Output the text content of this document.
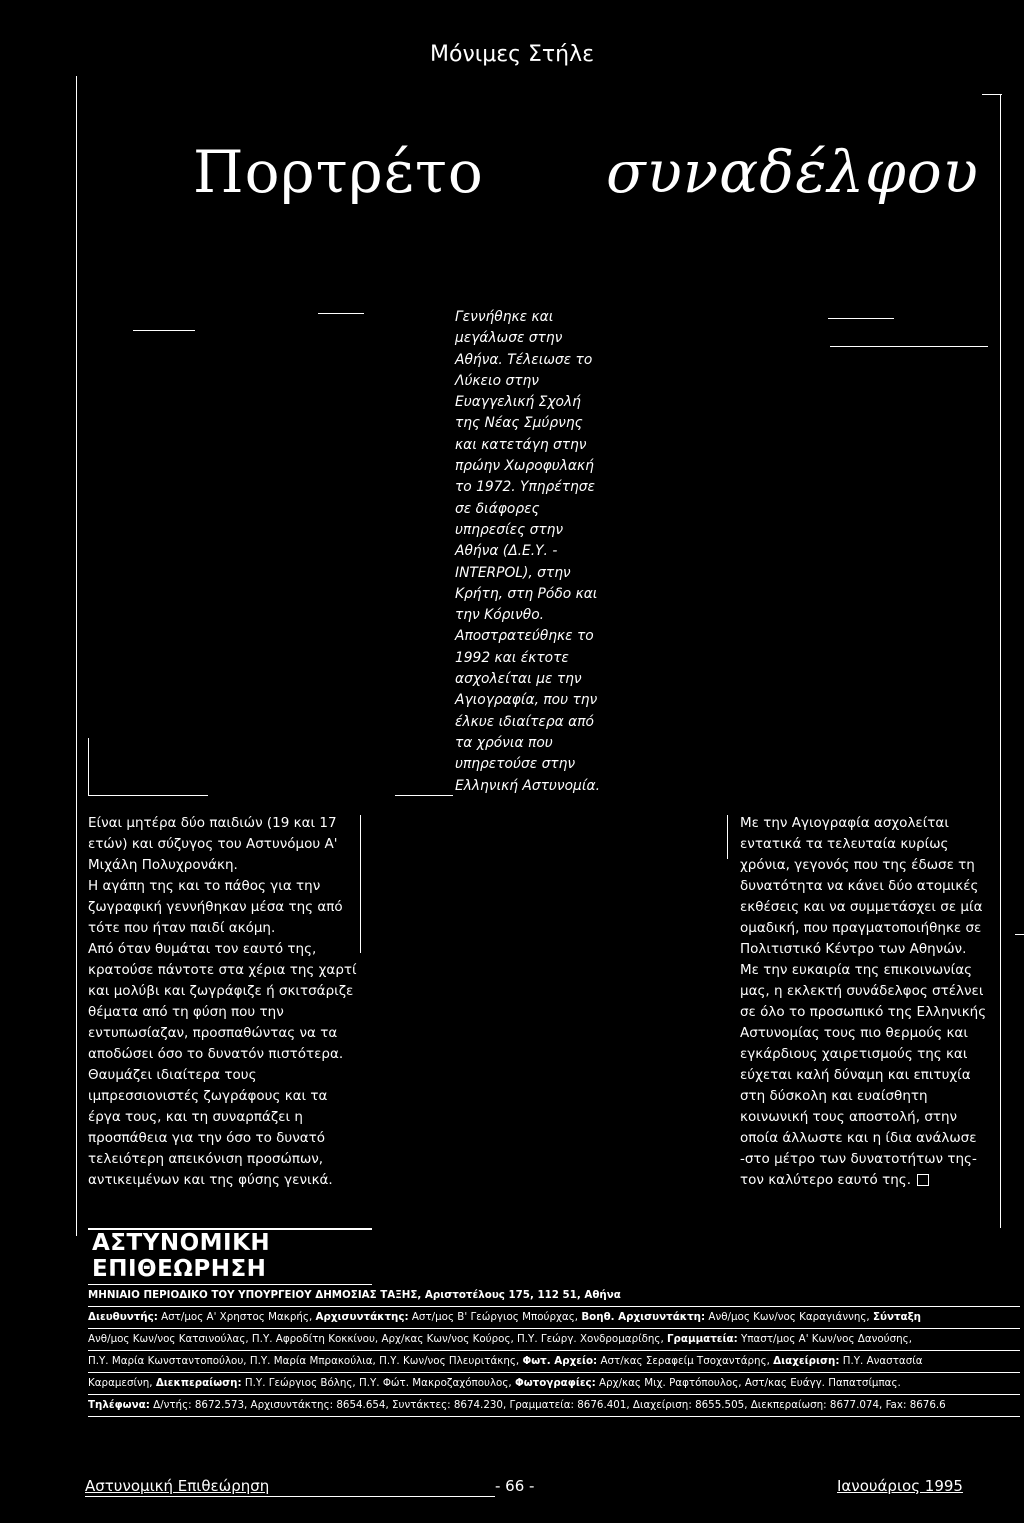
Μόνιμες Στήλε
Πορτρέτο συναδέλφου

Γεννήθηκε και μεγάλωσε στην Αθήνα. Τέλειωσε το Λύκειο στην Ευαγγελική Σχολή της Νέας Σμύρνης και κατετάγη στην πρώην Χωροφυλακή το 1972. Υπηρέτησε σε διάφορες υπηρεσίες στην Αθήνα (Δ.Ε.Υ. - INTERPOL), στην Κρήτη, στη Ρόδο και την Κόρινθο.

Αποστρατεύθηκε το 1992 και έκτοτε ασχολείται με την Αγιογραφία, που την έλκυε ιδιαίτερα από τα χρόνια που υπηρετούσε στην Ελληνική Αστυνομία.

Είναι μητέρα δύο παιδιών (19 και 17 ετών) και σύζυγος του Αστυνόμου Α' Μιχάλη Πολυχρονάκη.

Η αγάπη της και το πάθος για την ζωγραφική γεννήθηκαν μέσα της από τότε που ήταν παιδί ακόμη.

Από όταν θυμάται τον εαυτό της, κρατούσε πάντοτε στα χέρια της χαρτί και μολύβι και ζωγράφιζε ή σκιτσάριζε θέματα από τη φύση που την εντυπωσίαζαν, προσπαθώντας να τα αποδώσει όσο το δυνατόν πιστότερα.

Θαυμάζει ιδιαίτερα τους ιμπρεσσιονιστές ζωγράφους και τα έργα τους, και τη συναρπάζει η προσπάθεια για την όσο το δυνατό τελειότερη απεικόνιση προσώπων, αντικειμένων και της φύσης γενικά.

Με την Αγιογραφία ασχολείται εντατικά τα τελευταία κυρίως χρόνια, γεγονός που της έδωσε τη δυνατότητα να κάνει δύο ατομικές εκθέσεις και να συμμετάσχει σε μία ομαδική, που πραγματοποιήθηκε σε Πολιτιστικό Κέντρο των Αθηνών.

Με την ευκαιρία της επικοινωνίας μας, η εκλεκτή συνάδελφος στέλνει σε όλο το προσωπικό της Ελληνικής Αστυνομίας τους πιο θερμούς και εγκάρδιους χαιρετισμούς της και εύχεται καλή δύναμη και επιτυχία στη δύσκολη και ευαίσθητη κοινωνική τους αποστολή, στην οποία άλλωστε και η ίδια ανάλωσε -στο μέτρο των δυνατοτήτων της- τον καλύτερο εαυτό της.

ΑΣΤΥΝΟΜΙΚΗ ΕΠΙΘΕΩΡΗΣΗ
ΜΗΝΙΑΙΟ ΠΕΡΙΟΔΙΚΟ ΤΟΥ ΥΠΟΥΡΓΕΙΟΥ ΔΗΜΟΣΙΑΣ ΤΑΞΗΣ, Αριστοτέλους 175, 112 51, Αθήνα
Διευθυντής: Αστ/μος Α' Χρηστος Μακρής, Αρχισυντάκτης: Αστ/μος Β' Γεώργιος Μπούρχας, Βοηθ. Αρχισυντάκτη: Ανθ/μος Κων/νος Καραγιάννης, Σύνταξη
Ανθ/μος Κων/νος Κατσινούλας, Π.Υ. Αφροδίτη Κοκκίνου, Αρχ/κας Κων/νος Κούρος, Π.Υ. Γεώργ. Χονδρομαρίδης, Γραμματεία: Υπαστ/μος Α' Κων/νος Δανούσης,
Π.Υ. Μαρία Κωνσταντοπούλου, Π.Υ. Μαρία Μπρακούλια, Π.Υ. Κων/νος Πλευριτάκης, Φωτ. Αρχείο: Αστ/κας Σεραφείμ Τσοχαντάρης, Διαχείριση: Π.Υ. Αναστασία
Καραμεσίνη, Διεκπεραίωση: Π.Υ. Γεώργιος Βόλης, Π.Υ. Φώτ. Μακροζαχόπουλος, Φωτογραφίες: Αρχ/κας Μιχ. Ραφτόπουλος, Αστ/κας Ευάγγ. Παπατσίμπας.
Τηλέφωνα: Δ/ντής: 8672.573, Αρχισυντάκτης: 8654.654, Συντάκτες: 8674.230, Γραμματεία: 8676.401, Διαχείριση: 8655.505, Διεκπεραίωση: 8677.074, Fax: 8676.6
Αστυνομική Επιθεώρηση	- 66 -	Ιανουάριος 1995
